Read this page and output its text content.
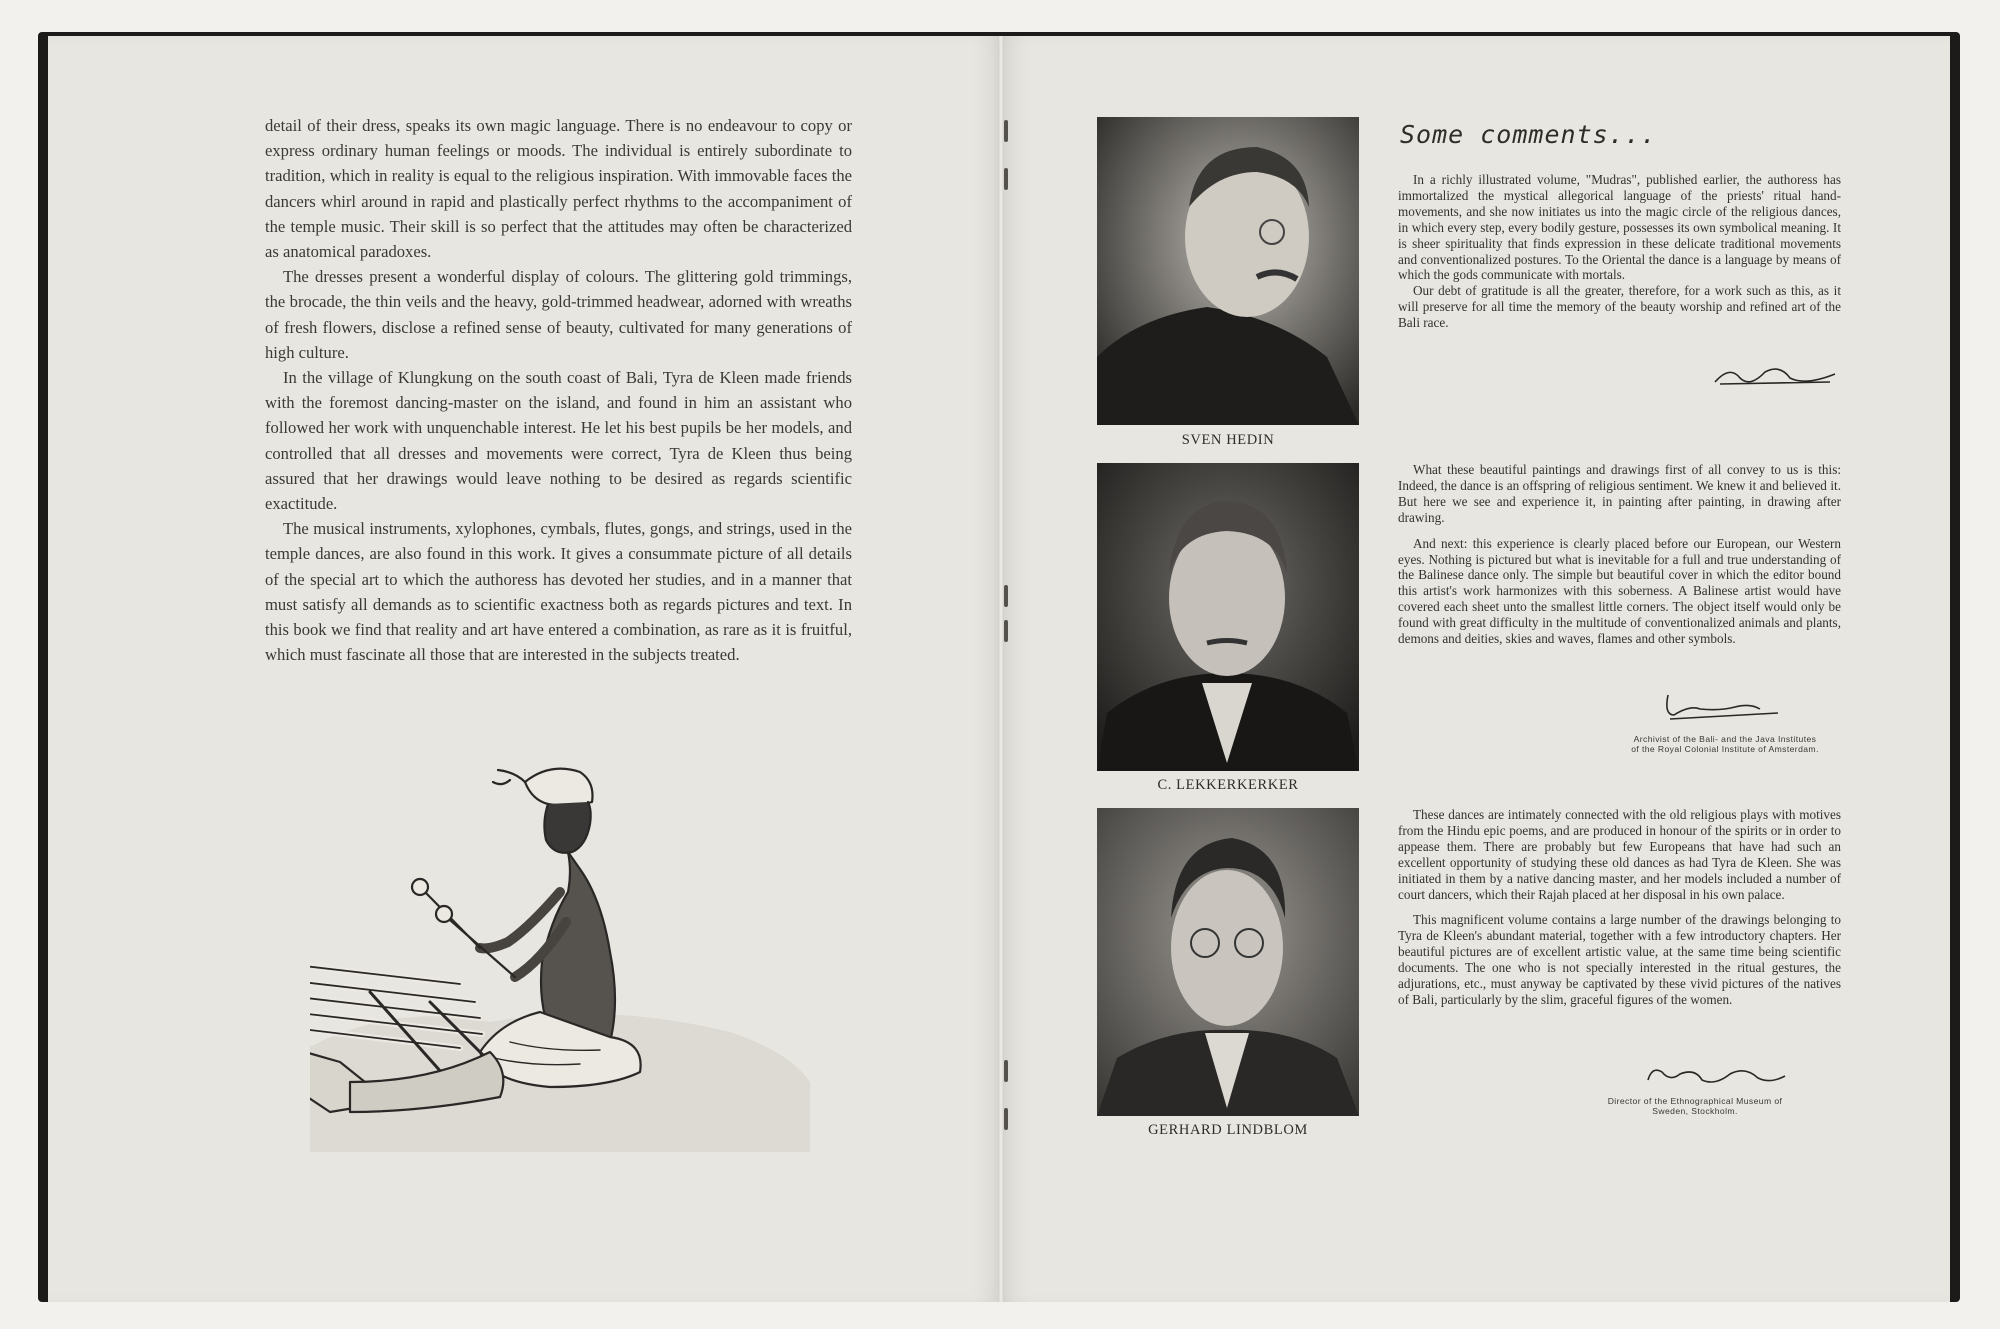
detail of their dress, speaks its own magic language. There is no endeavour to copy or express ordinary human feelings or moods. The individual is entirely subordinate to tradition, which in reality is equal to the religious inspiration. With immovable faces the dancers whirl around in rapid and plastically perfect rhythms to the accompaniment of the temple music. Their skill is so perfect that the attitudes may often be characterized as anatomical paradoxes.

The dresses present a wonderful display of colours. The glittering gold trimmings, the brocade, the thin veils and the heavy, gold-trimmed headwear, adorned with wreaths of fresh flowers, disclose a refined sense of beauty, cultivated for many generations of high culture.

In the village of Klungkung on the south coast of Bali, Tyra de Kleen made friends with the foremost dancing-master on the island, and found in him an assistant who followed her work with unquenchable interest. He let his best pupils be her models, and controlled that all dresses and movements were correct, Tyra de Kleen thus being assured that her drawings would leave nothing to be desired as regards scientific exactitude.

The musical instruments, xylophones, cymbals, flutes, gongs, and strings, used in the temple dances, are also found in this work. It gives a consummate picture of all details of the special art to which the authoress has devoted her studies, and in a manner that must satisfy all demands as to scientific exactness both as regards pictures and text. In this book we find that reality and art have entered a combination, as rare as it is fruitful, which must fascinate all those that are interested in the subjects treated.

SVEN HEDIN
C. LEKKERKERKER
GERHARD LINDBLOM
Some comments...

In a richly illustrated volume, "Mudras", published earlier, the authoress has immortalized the mystical allegorical language of the priests' ritual hand-movements, and she now initiates us into the magic circle of the religious dances, in which every step, every bodily gesture, possesses its own symbolical meaning. It is sheer spirituality that finds expression in these delicate traditional movements and conventionalized postures. To the Oriental the dance is a language by means of which the gods communicate with mortals.

Our debt of gratitude is all the greater, therefore, for a work such as this, as it will preserve for all time the memory of the beauty worship and refined art of the Bali race.

What these beautiful paintings and drawings first of all convey to us is this: Indeed, the dance is an offspring of religious sentiment. We knew it and believed it. But here we see and experience it, in painting after painting, in drawing after drawing.

And next: this experience is clearly placed before our European, our Western eyes. Nothing is pictured but what is inevitable for a full and true understanding of the Balinese dance only. The simple but beautiful cover in which the editor bound this artist's work harmonizes with this soberness. A Balinese artist would have covered each sheet unto the smallest little corners. The object itself would only be found with great difficulty in the multitude of conventionalized animals and plants, demons and deities, skies and waves, flames and other symbols.

Archivist of the Bali- and the Java Institutes
of the Royal Colonial Institute of Amsterdam.

These dances are intimately connected with the old religious plays with motives from the Hindu epic poems, and are produced in honour of the spirits or in order to appease them. There are probably but few Europeans that have had such an excellent opportunity of studying these old dances as had Tyra de Kleen. She was initiated in them by a native dancing master, and her models included a number of court dancers, which their Rajah placed at her disposal in his own palace.

This magnificent volume contains a large number of the drawings belonging to Tyra de Kleen's abundant material, together with a few introductory chapters. Her beautiful pictures are of excellent artistic value, at the same time being scientific documents. The one who is not specially interested in the ritual gestures, the adjurations, etc., must anyway be captivated by these vivid pictures of the natives of Bali, particularly by the slim, graceful figures of the women.

Director of the Ethnographical Museum of
Sweden, Stockholm.
